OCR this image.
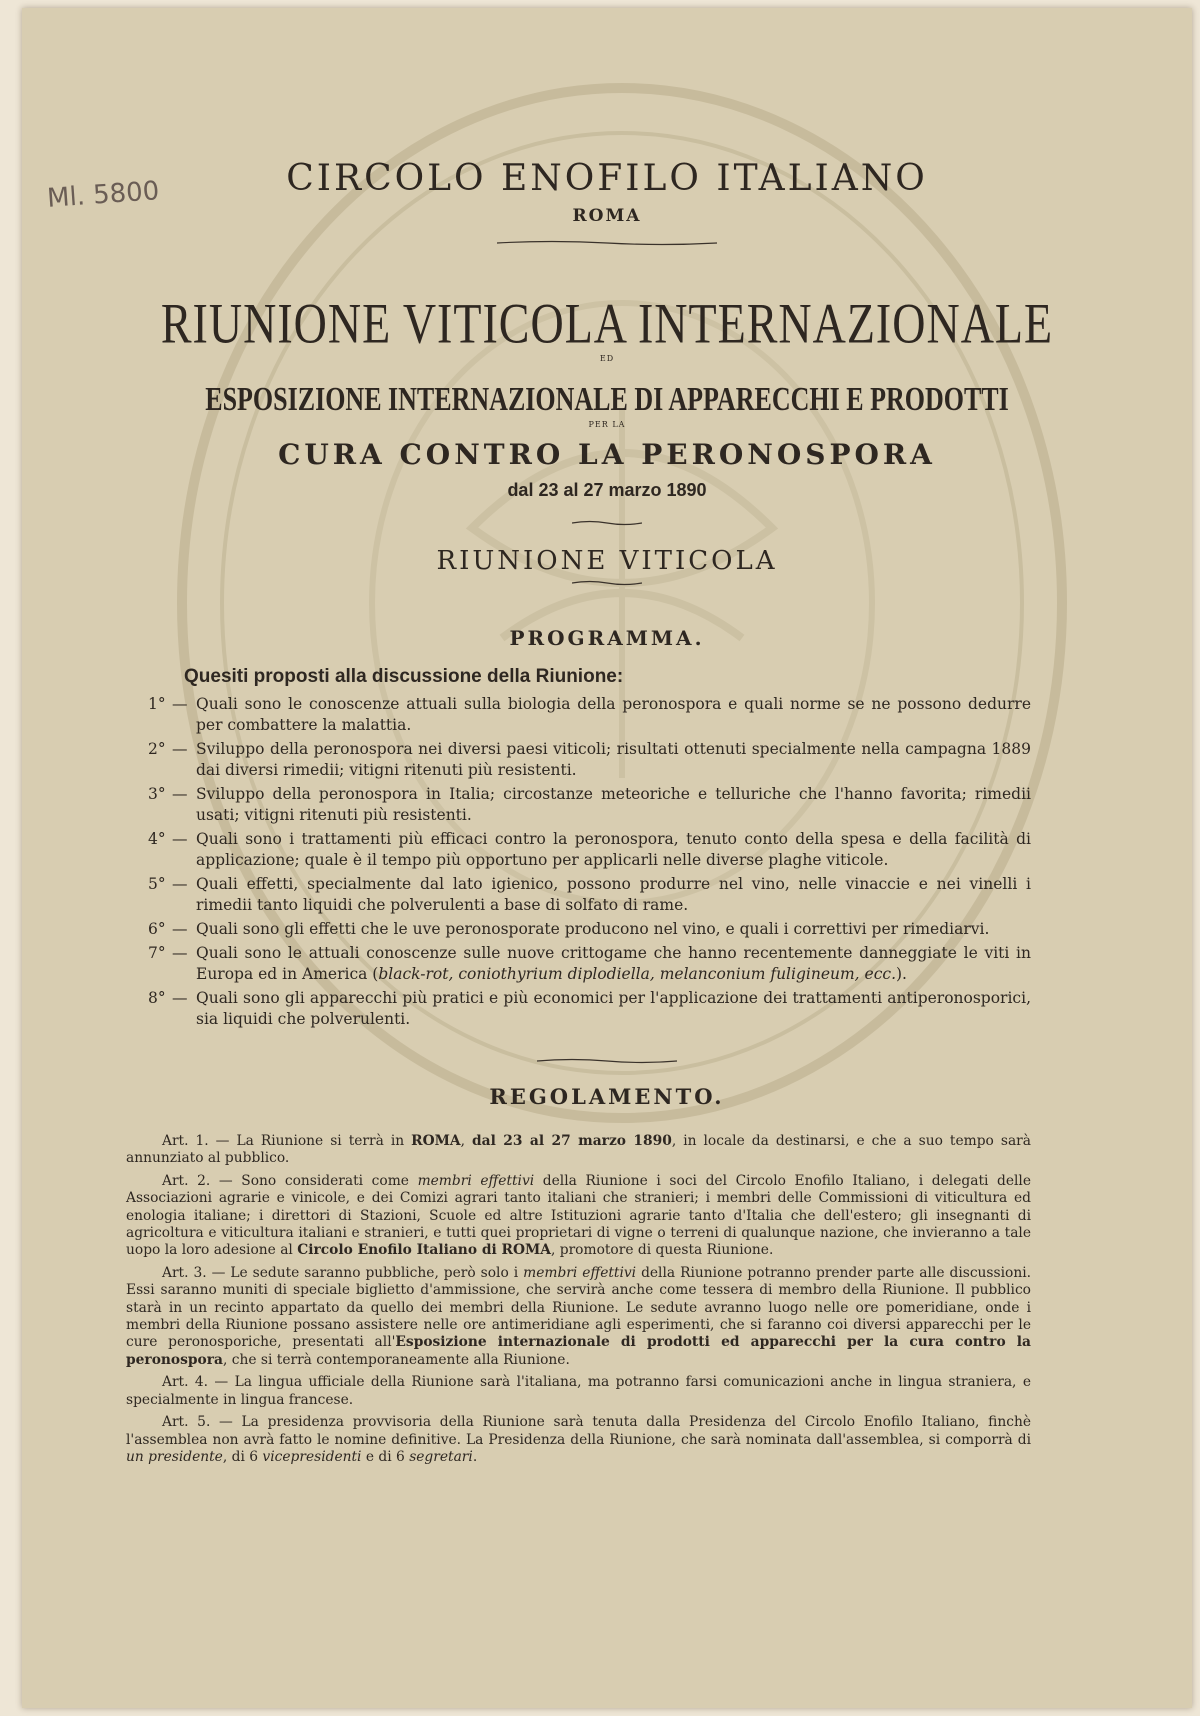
Ml. 5800	CIRCOLO ENOFILO ITALIANO
ROMA
RIUNIONE VITICOLA INTERNAZIONALE
ED
ESPOSIZIONE INTERNAZIONALE DI APPARECCHI E PRODOTTI
PER LA
CURA CONTRO LA PERONOSPORA
dal 23 al 27 marzo 1890
RIUNIONE VITICOLA
PROGRAMMA.
Quesiti proposti alla discussione della Riunione:
1° — Quali sono le conoscenze attuali sulla biologia della peronospora e quali norme se ne possono dedurre per combattere la malattia.
2° — Sviluppo della peronospora nei diversi paesi viticoli; risultati ottenuti specialmente nella campagna 1889 dai diversi rimedii; vitigni ritenuti più resistenti.
3° — Sviluppo della peronospora in Italia; circostanze meteoriche e telluriche che l'hanno favorita; rimedii usati; vitigni ritenuti più resistenti.
4° — Quali sono i trattamenti più efficaci contro la peronospora, tenuto conto della spesa e della facilità di applicazione; quale è il tempo più opportuno per applicarli nelle diverse plaghe viticole.
5° — Quali effetti, specialmente dal lato igienico, possono produrre nel vino, nelle vinaccie e nei vinelli i rimedii tanto liquidi che polverulenti a base di solfato di rame.
6° — Quali sono gli effetti che le uve peronosporate producono nel vino, e quali i correttivi per rimediarvi.
7° — Quali sono le attuali conoscenze sulle nuove crittogame che hanno recentemente danneggiate le viti in Europa ed in America (black-rot, coniothyrium diplodiella, melanconium fuligineum, ecc.).
8° — Quali sono gli apparecchi più pratici e più economici per l'applicazione dei trattamenti antiperonosporici, sia liquidi che polverulenti.
REGOLAMENTO.
Art. 1. — La Riunione si terrà in ROMA, dal 23 al 27 marzo 1890, in locale da destinarsi, e che a suo tempo sarà annunziato al pubblico.
Art. 2. — Sono considerati come membri effettivi della Riunione i soci del Circolo Enofilo Italiano, i delegati delle Associazioni agrarie e vinicole, e dei Comizi agrari tanto italiani che stranieri; i membri delle Commissioni di viticultura ed enologia italiane; i direttori di Stazioni, Scuole ed altre Istituzioni agrarie tanto d'Italia che dell'estero; gli insegnanti di agricoltura e viticultura italiani e stranieri, e tutti quei proprietari di vigne o terreni di qualunque nazione, che invieranno a tale uopo la loro adesione al Circolo Enofilo Italiano di ROMA, promotore di questa Riunione.
Art. 3. — Le sedute saranno pubbliche, però solo i membri effettivi della Riunione potranno prender parte alle discussioni. Essi saranno muniti di speciale biglietto d'ammissione, che servirà anche come tessera di membro della Riunione. Il pubblico starà in un recinto appartato da quello dei membri della Riunione. Le sedute avranno luogo nelle ore pomeridiane, onde i membri della Riunione possano assistere nelle ore antimeridiane agli esperimenti, che si faranno coi diversi apparecchi per le cure peronosporiche, presentati all'Esposizione internazionale di prodotti ed apparecchi per la cura contro la peronospora, che si terrà contemporaneamente alla Riunione.
Art. 4. — La lingua ufficiale della Riunione sarà l'italiana, ma potranno farsi comunicazioni anche in lingua straniera, e specialmente in lingua francese.
Art. 5. — La presidenza provvisoria della Riunione sarà tenuta dalla Presidenza del Circolo Enofilo Italiano, finchè l'assemblea non avrà fatto le nomine definitive. La Presidenza della Riunione, che sarà nominata dall'assemblea, si comporrà di un presidente, di 6 vicepresidenti e di 6 segretari.
